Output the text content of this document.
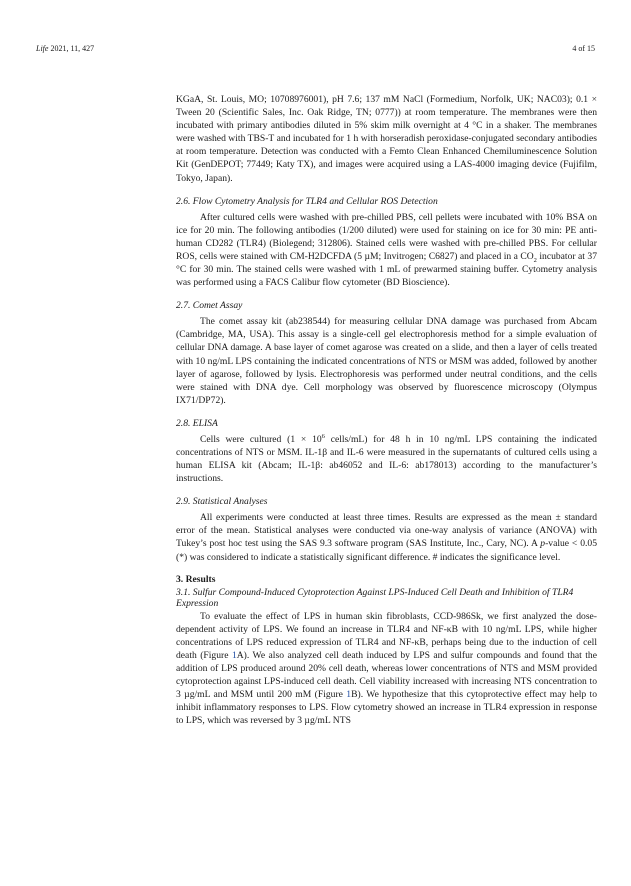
Life 2021, 11, 427	4 of 15

KGaA, St. Louis, MO; 10708976001), pH 7.6; 137 mM NaCl (Formedium, Norfolk, UK; NAC03); 0.1 × Tween 20 (Scientific Sales, Inc. Oak Ridge, TN; 0777)) at room temperature. The membranes were then incubated with primary antibodies diluted in 5% skim milk overnight at 4 °C in a shaker. The membranes were washed with TBS-T and incubated for 1 h with horseradish peroxidase-conjugated secondary antibodies at room temperature. Detection was conducted with a Femto Clean Enhanced Chemiluminescence Solution Kit (GenDEPOT; 77449; Katy TX), and images were acquired using a LAS-4000 imaging device (Fujifilm, Tokyo, Japan).

2.6. Flow Cytometry Analysis for TLR4 and Cellular ROS Detection

After cultured cells were washed with pre-chilled PBS, cell pellets were incubated with 10% BSA on ice for 20 min. The following antibodies (1/200 diluted) were used for staining on ice for 30 min: PE anti-human CD282 (TLR4) (Biolegend; 312806). Stained cells were washed with pre-chilled PBS. For cellular ROS, cells were stained with CM-H2DCFDA (5 µM; Invitrogen; C6827) and placed in a $CO_2$ incubator at 37 °C for 30 min. The stained cells were washed with 1 mL of prewarmed staining buffer. Cytometry analysis was performed using a FACS Calibur flow cytometer (BD Bioscience).

2.7. Comet Assay

The comet assay kit (ab238544) for measuring cellular DNA damage was purchased from Abcam (Cambridge, MA, USA). This assay is a single-cell gel electrophoresis method for a simple evaluation of cellular DNA damage. A base layer of comet agarose was created on a slide, and then a layer of cells treated with 10 ng/mL LPS containing the indicated concentrations of NTS or MSM was added, followed by another layer of agarose, followed by lysis. Electrophoresis was performed under neutral conditions, and the cells were stained with DNA dye. Cell morphology was observed by fluorescence microscopy (Olympus IX71/DP72).

2.8. ELISA

Cells were cultured ($1 \times 10^6$ cells/mL) for 48 h in 10 ng/mL LPS containing the indicated concentrations of NTS or MSM. IL-1β and IL-6 were measured in the supernatants of cultured cells using a human ELISA kit (Abcam; IL-1β: ab46052 and IL-6: ab178013) according to the manufacturer’s instructions.

2.9. Statistical Analyses

All experiments were conducted at least three times. Results are expressed as the mean ± standard error of the mean. Statistical analyses were conducted via one-way analysis of variance (ANOVA) with Tukey’s post hoc test using the SAS 9.3 software program (SAS Institute, Inc., Cary, NC). A p-value < 0.05 (*) was considered to indicate a statistically significant difference. # indicates the significance level.

3. Results
3.1. Sulfur Compound-Induced Cytoprotection Against LPS-Induced Cell Death and Inhibition of TLR4 Expression

To evaluate the effect of LPS in human skin fibroblasts, CCD-986Sk, we first analyzed the dose-dependent activity of LPS. We found an increase in TLR4 and NF-κB with 10 ng/mL LPS, while higher concentrations of LPS reduced expression of TLR4 and NF-κB, perhaps being due to the induction of cell death (Figure 1A). We also analyzed cell death induced by LPS and sulfur compounds and found that the addition of LPS produced around 20% cell death, whereas lower concentrations of NTS and MSM provided cytoprotection against LPS-induced cell death. Cell viability increased with increasing NTS concentration to 3 µg/mL and MSM until 200 mM (Figure 1B). We hypothesize that this cytoprotective effect may help to inhibit inflammatory responses to LPS. Flow cytometry showed an increase in TLR4 expression in response to LPS, which was reversed by 3 µg/mL NTS
